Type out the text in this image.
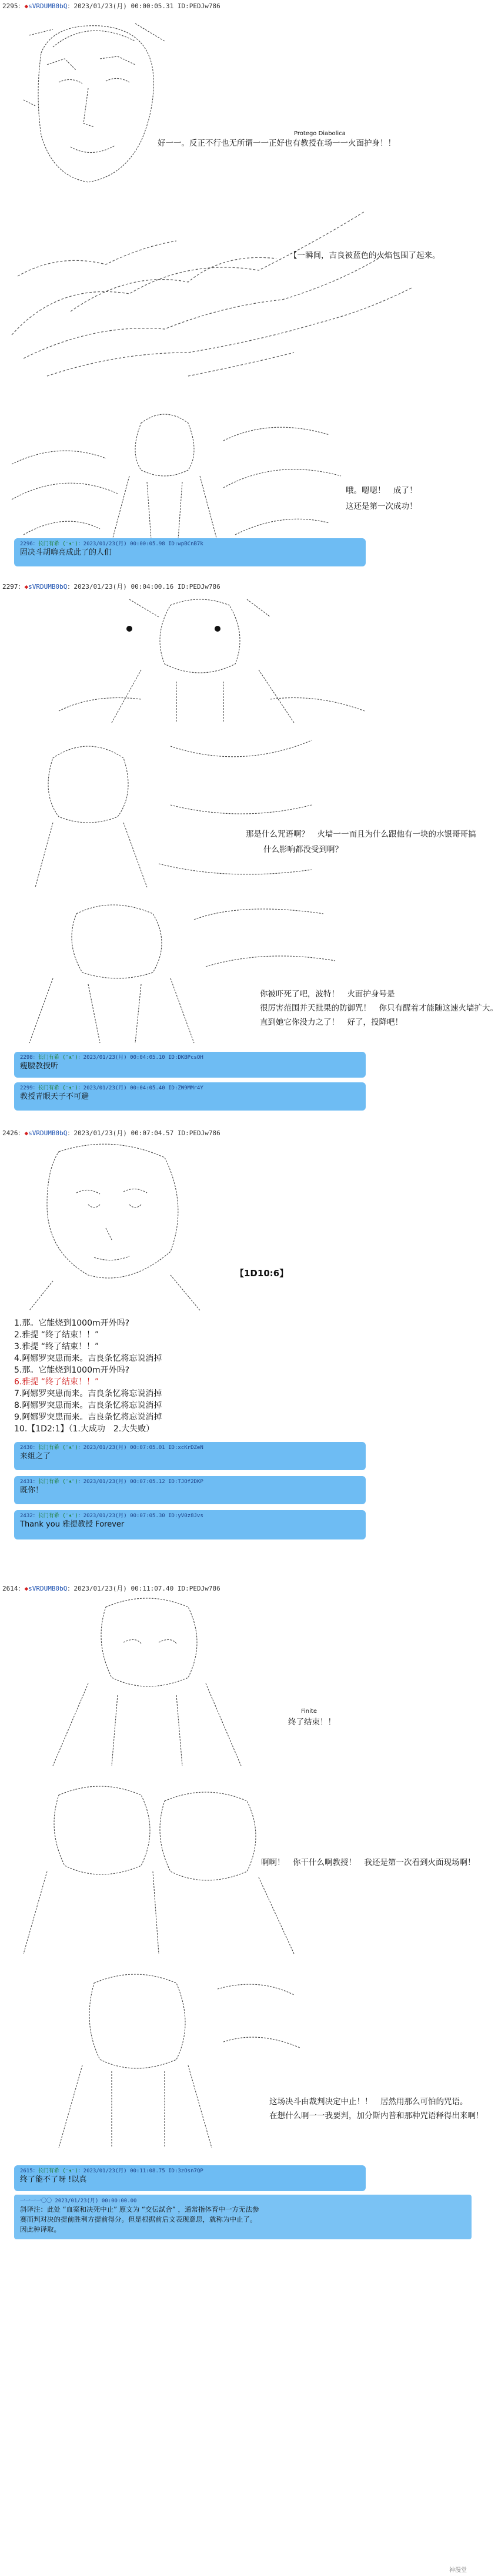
2295：◆sVRDUMB0bQ：2023/01/23(月) 00:00:05.31 ID:PEDJw786
Protego Diabolica
好一一。反正不行也无所谓一一正好也有教授在场一一火面护身！！
【一瞬间，吉良被蓝色的火焰包围了起来。
哦。嗯嗯！　成了！
这还是第一次成功！
2296：长门有希 (ᵔᴥᵔ)：2023/01/23(月) 00:00:05.98 ID:wpBCnB7k
固决斗胡嗨亮成此了的人们
2297：◆sVRDUMB0bQ：2023/01/23(月) 00:04:00.16 ID:PEDJw786
那是什么咒语啊？　火墙一一而且为什么跟他有一块的水银哥哥搞
什么影响都没受到啊？
你被吓死了吧，波特！　火面护身号是
很厉害范围并天批果的防御咒！　你只有醒着才能随这速火墙扩大。
直到她它你没力之了！　好了，投降吧！
2298：长门有希 (ᵔᴥᵔ)：2023/01/23(月) 00:04:05.10 ID:DKBPcsOH
瘦腰教授听
2299：长门有希 (ᵔᴥᵔ)：2023/01/23(月) 00:04:05.40 ID:ZW9MMr4Y
教授青眼天子不可避
2426：◆sVRDUMB0bQ：2023/01/23(月) 00:07:04.57 ID:PEDJw786
【1D10:6】
1.那。它能烧到1000m开外吗?
2.雅提 “终了结束！！”
3.雅提 “终了结束！！”
4.阿娜罗突患而来。吉良条忆将忘说消掉
5.那。它能烧到1000m开外吗?
6.雅提 “终了结束！！”
7.阿娜罗突患而来。吉良条忆将忘说消掉
8.阿娜罗突患而来。吉良条忆将忘说消掉
9.阿娜罗突患而来。吉良条忆将忘说消掉
10.【1D2:1】（1.大成功　2.大失败）
2430：长门有希 (ᵔᴥᵔ)：2023/01/23(月) 00:07:05.01 ID:xcKrDZeN
来组之了
2431：长门有希 (ᵔᴥᵔ)：2023/01/23(月) 00:07:05.12 ID:TJOf2DKP
既你！
2432：长门有希 (ᵔᴥᵔ)：2023/01/23(月) 00:07:05.30 ID:yV0z8Jvs
Thank you 雅提教授 Forever
2614：◆sVRDUMB0bQ：2023/01/23(月) 00:11:07.40 ID:PEDJw786
Finite
终了结束！！
啊啊！　你干什么啊教授！　我还是第一次看到火面现场啊！
这场决斗由裁判决定中止！！　居然用那么可怕的咒语。
在想什么啊一一我要判，加分斯内普和那种咒语释得出来啊！
2615：长门有希 (ᵔᴥᵔ)：2023/01/23(月) 00:11:08.75 ID:3zOsn7QP
终了能不了呀 !以真
一一一一〇〇 2023/01/23(月) 00:00:00.00
斜译注：此处 “血案和决死中止” 原文为 “交伝試合” ，通常指体育中一方无法参
赛而判对决的提前胜利方提前得分。但是根据前后文表现意思，就称为中止了。
因此种译取。
神漫堂
